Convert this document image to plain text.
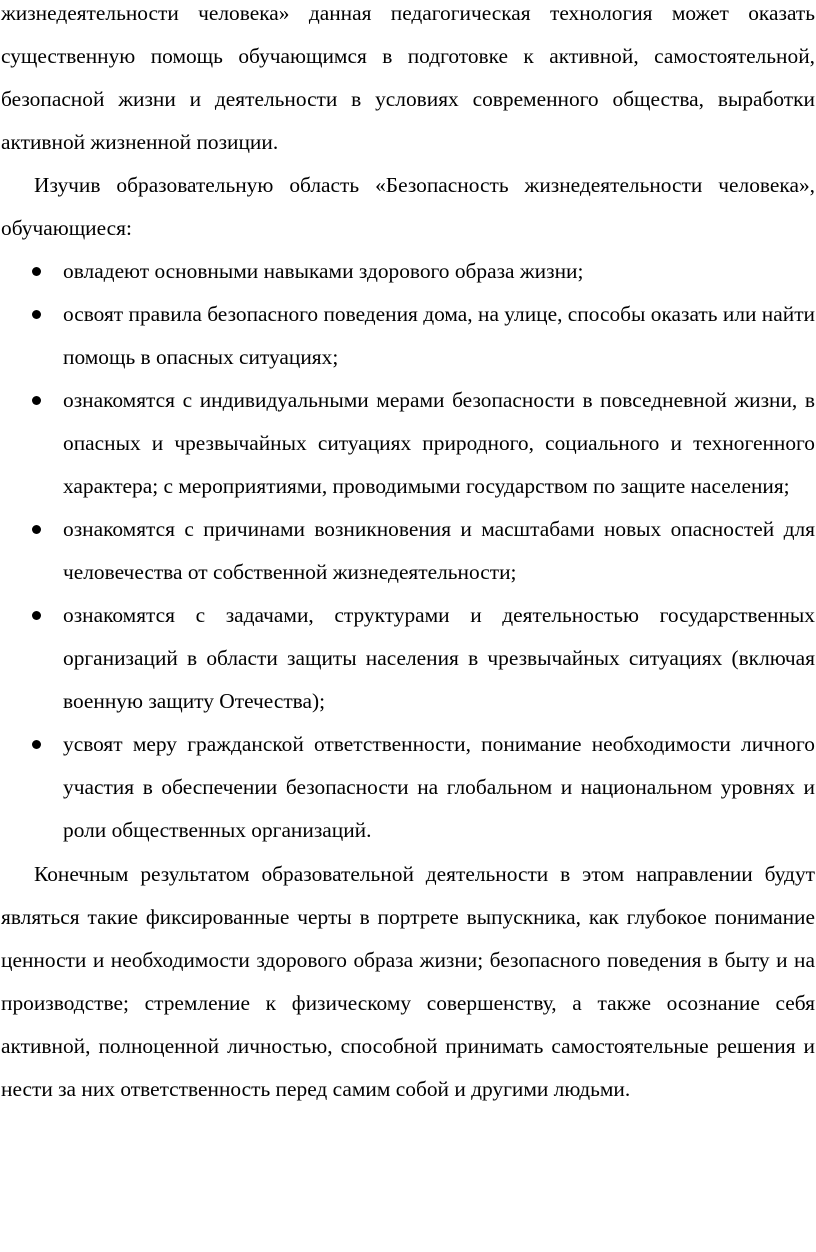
жизнедеятельности человека» данная педагогическая технология может оказать существенную помощь обучающимся в подготовке к активной, самостоятельной, безопасной жизни и деятельности в условиях современного общества, выработки активной жизненной позиции.

Изучив образовательную область «Безопасность жизнедеятельности человека», обучающиеся:

овладеют основными навыками здорового образа жизни;
освоят правила безопасного поведения дома, на улице, способы оказать или найти помощь в опасных ситуациях;
ознакомятся с индивидуальными мерами безопасности в повседневной жизни, в опасных и чрезвычайных ситуациях природного, социального и техногенного характера; с мероприятиями, проводимыми государством по защите населения;
ознакомятся с причинами возникновения и масштабами новых опасностей для человечества от собственной жизнедеятельности;
ознакомятся с задачами, структурами и деятельностью государственных организаций в области защиты населения в чрезвычайных ситуациях (включая военную защиту Отечества);
усвоят меру гражданской ответственности, понимание необходимости личного участия в обеспечении безопасности на глобальном и национальном уровнях и роли общественных организаций.

Конечным результатом образовательной деятельности в этом направлении будут являться такие фиксированные черты в портрете выпускника, как глубокое понимание ценности и необходимости здорового образа жизни; безопасного поведения в быту и на производстве; стремление к физическому совершенству, а также осознание себя активной, полноценной личностью, способной принимать самостоятельные решения и нести за них ответственность перед самим собой и другими людьми.
